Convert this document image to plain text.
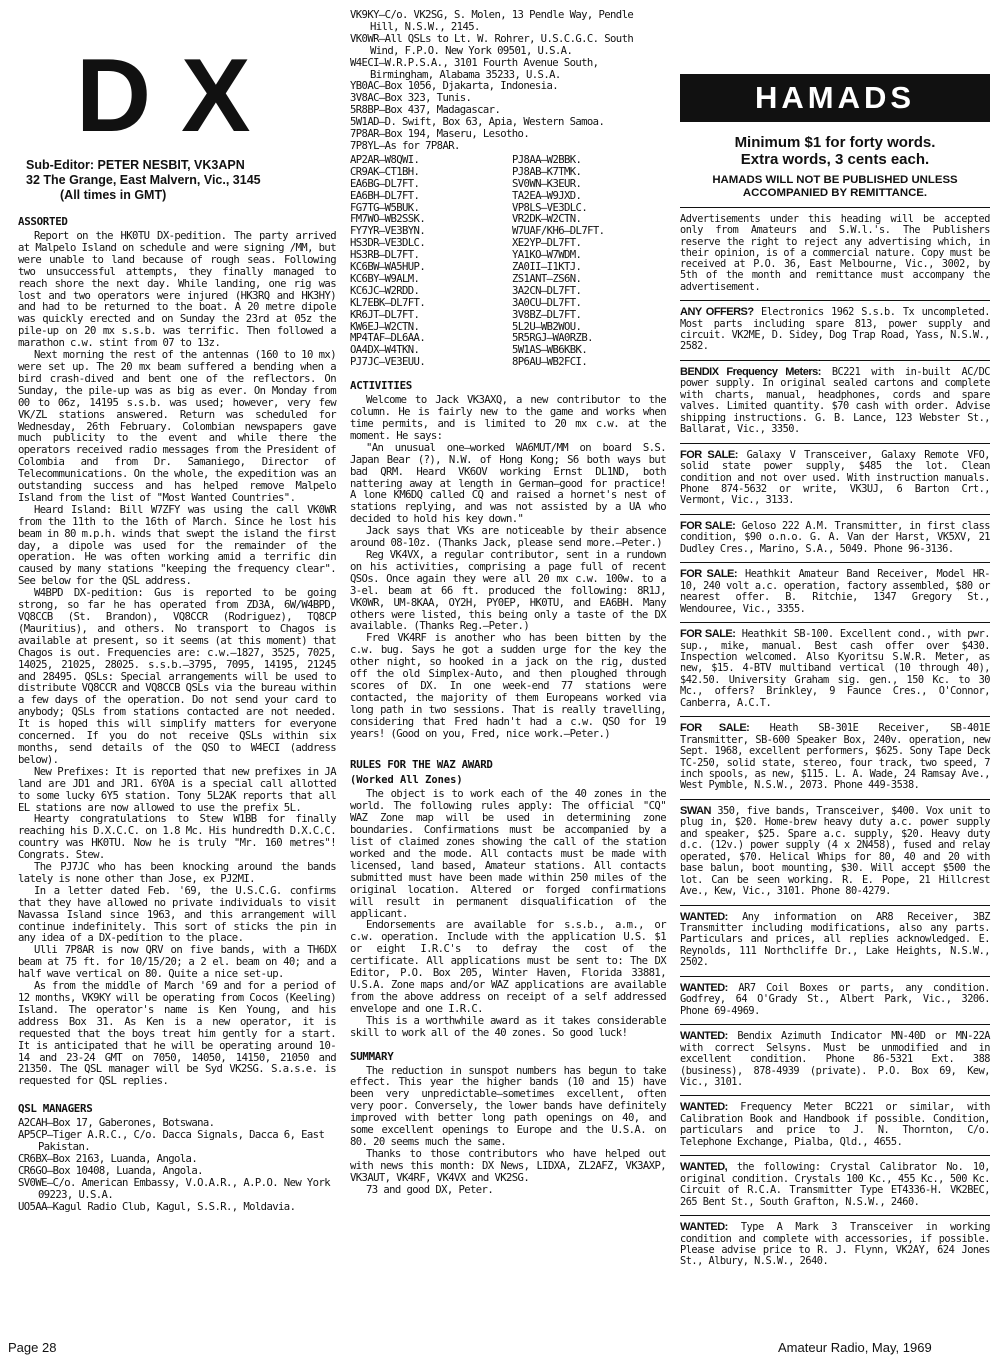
DX
Sub-Editor: PETER NESBIT, VK3APN
32 The Grange, East Malvern, Vic., 3145
(All times in GMT)
ASSORTED

Report on the HK0TU DX-pedition. The party arrived at Malpelo Island on schedule and were signing /MM, but were unable to land because of rough seas. Following two unsuccessful attempts, they finally managed to reach shore the next day. While landing, one rig was lost and two operators were injured (HK3RQ and HK3HY) and had to be returned to the boat. A 20 metre dipole was quickly erected and on Sunday the 23rd at 05z the pile-up on 20 mx s.s.b. was terrific. Then followed a marathon c.w. stint from 07 to 13z.

Next morning the rest of the antennas (160 to 10 mx) were set up. The 20 mx beam suffered a bending when a bird crash-dived and bent one of the reflectors. On Sunday, the pile-up was as big as ever. On Monday from 00 to 06z, 14195 s.s.b. was used; however, very few VK/ZL stations answered. Return was scheduled for Wednesday, 26th February. Colombian newspapers gave much publicity to the event and while there the operators received radio messages from the President of Colombia and from Dr. Samaniego, Director of Telecommunications. On the whole, the expedition was an outstanding success and has helped remove Malpelo Island from the list of "Most Wanted Countries".

Heard Island: Bill W7ZFY was using the call VK0WR from the 11th to the 16th of March. Since he lost his beam in 80 m.p.h. winds that swept the island the first day, a dipole was used for the remainder of the operation. He was often working amid a terrific din caused by many stations "keeping the frequency clear". See below for the QSL address.

W4BPD DX-pedition: Gus is reported to be going strong, so far he has operated from ZD3A, 6W/W4BPD, VQ8CCB (St. Brandon), VQ8CCR (Rodriguez), TQ8CP (Mauritius), and others. No transport to Chagos is available at present, so it seems (at this moment) that Chagos is out. Frequencies are: c.w.—1827, 3525, 7025, 14025, 21025, 28025. s.s.b.—3795, 7095, 14195, 21245 and 28495. QSLs: Special arrangements will be used to distribute VQ8CCR and VQ8CCB QSLs via the bureau within a few days of the operation. Do not send your card to anybody; QSLs from stations contacted are not needed. It is hoped this will simplify matters for everyone concerned. If you do not receive QSLs within six months, send details of the QSO to W4ECI (address below).

New Prefixes: It is reported that new prefixes in JA land are JD1 and JR1. 6Y0A is a special call allotted to some lucky 6Y5 station. Tony 5L2AK reports that all EL stations are now allowed to use the prefix 5L.

Hearty congratulations to Stew W1BB for finally reaching his D.X.C.C. on 1.8 Mc. His hundredth D.X.C.C. country was HK0TU. Now he is truly "Mr. 160 metres"! Congrats. Stew.

The PJ7JC who has been knocking around the bands lately is none other than Jose, ex PJ2MI.

In a letter dated Feb. '69, the U.S.C.G. confirms that they have allowed no private individuals to visit Navassa Island since 1963, and this arrangement will continue indefinitely. This sort of sticks the pin in any idea of a DX-pedition to the place.

Ulli 7P8AR is now QRV on five bands, with a TH6DX beam at 75 ft. for 10/15/20; a 2 el. beam on 40; and a half wave vertical on 80. Quite a nice set-up.

As from the middle of March '69 and for a period of 12 months, VK9KY will be operating from Cocos (Keeling) Island. The operator's name is Ken Young, and his address Box 31. As Ken is a new operator, it is requested that the boys treat him gently for a start. It is anticipated that he will be operating around 10-14 and 23-24 GMT on 7050, 14050, 14150, 21050 and 21350. The QSL manager will be Syd VK2SG. S.a.s.e. is requested for QSL replies.

QSL MANAGERS

A2CAH—Box 17, Gaberones, Botswana.

AP5CP—Tiger A.R.C., C/o. Dacca Signals, Dacca 6, East Pakistan.

CR6BX—Box 2163, Luanda, Angola.

CR6GO—Box 10408, Luanda, Angola.

SV0WE—C/o. American Embassy, V.O.A.R., A.P.O. New York 09223, U.S.A.

UO5AA—Kagul Radio Club, Kagul, S.S.R., Moldavia.

VK9KY—C/o. VK2SG, S. Molen, 13 Pendle Way, Pendle Hill, N.S.W., 2145.

VK0WR—All QSLs to Lt. W. Rohrer, U.S.C.G.C. South Wind, F.P.O. New York 09501, U.S.A.

W4ECI—W.R.P.S.A., 3101 Fourth Avenue South, Birmingham, Alabama 35233, U.S.A.

YB0AC—Box 1056, Djakarta, Indonesia.

3V8AC—Box 323, Tunis.

5R8BP—Box 437, Madagascar.

5W1AD—D. Swift, Box 63, Apia, Western Samoa.

7P8AR—Box 194, Maseru, Lesotho.

7P8YL—As for 7P8AR.

AP2AR—W8QWI.	PJ8AA—W2BBK.
CR9AK—CT1BH.	PJ8AB—K7TMK.
EA6BG—DL7FT.	SV0WN—K3EUR.
EA6BH—DL7FT.	TA2EA—W9JXD.
FG7TG—W5BUK.	VP8LS—VE3DLC.
FM7WO—WB2SSK.	VR2DK—W2CTN.
FY7YR—VE3BYN.	W7UAF/KH6—DL7FT.
HS3DR—VE3DLC.	XE2YP—DL7FT.
HS3RB—DL7FT.	YA1KO—W7WDM.
KC6BW—WA5HUP.	ZA0II—I1KTJ.
KC6BY—W9ALM.	ZS1ANT—ZS6N.
KC6JC—W2RDD.	3A2CN—DL7FT.
KL7EBK—DL7FT.	3A0CU—DL7FT.
KR6JT—DL7FT.	3V8BZ—DL7FT.
KW6EJ—W2CTN.	5L2U—WB2WOU.
MP4TAF—DL6AA.	5R5RGJ—WA0RZB.
OA4DX—W4TKN.	5W1AS—WB6KBK.
PJ7JC—VE3EUU.	8P6AU—WB2FCI.
ACTIVITIES

Welcome to Jack VK3AXQ, a new contributor to the column. He is fairly new to the game and works when time permits, and is limited to 20 mx c.w. at the moment. He says:

"An unusual one—worked WA6MUT/MM on board S.S. Japan Bear (?), N.W. of Hong Kong; S6 both ways but bad QRM. Heard VK6OV working Ernst DL1ND, both nattering away at length in German—good for practice! A lone KM6DQ called CQ and raised a hornet's nest of stations replying, and was not assisted by a UA who decided to hold his key down."

Jack says that VKs are noticeable by their absence around 08-10z. (Thanks Jack, please send more.—Peter.)

Reg VK4VX, a regular contributor, sent in a rundown on his activities, comprising a page full of recent QSOs. Once again they were all 20 mx c.w. 100w. to a 3-el. beam at 66 ft. produced the following: 8R1J, VK0WR, UM-8KAA, OY2H, PY0EP, HK0TU, and EA6BH. Many others were listed, this being only a taste of the DX available. (Thanks Reg.—Peter.)

Fred VK4RF is another who has been bitten by the c.w. bug. Says he got a sudden urge for the key the other night, so hooked in a jack on the rig, dusted off the old Simplex-Auto, and then ploughed through scores of DX. In one week-end 77 stations were contacted, the majority of them Europeans worked via long path in two sessions. That is really travelling, considering that Fred hadn't had a c.w. QSO for 19 years! (Good on you, Fred, nice work.—Peter.)

RULES FOR THE WAZ AWARD
(Worked All Zones)

The object is to work each of the 40 zones in the world. The following rules apply: The official "CQ" WAZ Zone map will be used in determining zone boundaries. Confirmations must be accompanied by a list of claimed zones showing the call of the station worked and the mode. All contacts must be made with licensed, land based, Amateur stations. All contacts submitted must have been made within 250 miles of the original location. Altered or forged confirmations will result in permanent disqualification of the applicant.

Endorsements are available for s.s.b., a.m., or c.w. operation. Include with the application U.S. $1 or eight I.R.C's to defray the cost of the certificate. All applications must be sent to: The DX Editor, P.O. Box 205, Winter Haven, Florida 33881, U.S.A. Zone maps and/or WAZ applications are available from the above address on receipt of a self addressed envelope and one I.R.C.

This is a worthwhile award as it takes considerable skill to work all of the 40 zones. So good luck!

SUMMARY

The reduction in sunspot numbers has begun to take effect. This year the higher bands (10 and 15) have been very unpredictable—sometimes excellent, often very poor. Conversely, the lower bands have definitely improved with better long path openings on 40, and some excellent openings to Europe and the U.S.A. on 80. 20 seems much the same.

Thanks to those contributors who have helped out with news this month: DX News, LIDXA, ZL2AFZ, VK3AXP, VK3AUT, VK4RF, VK4VX and VK2SG.

73 and good DX, Peter.

HAMADS
Minimum $1 for forty words.
Extra words, 3 cents each.
HAMADS WILL NOT BE PUBLISHED UNLESS
ACCOMPANIED BY REMITTANCE.
Advertisements under this heading will be accepted only from Amateurs and S.W.l.'s. The Publishers reserve the right to reject any advertising which, in their opinion, is of a commercial nature. Copy must be received at P.O. 36, East Melbourne, Vic., 3002, by 5th of the month and remittance must accompany the advertisement.
ANY OFFERS? Electronics 1962 S.s.b. Tx uncompleted. Most parts including spare 813, power supply and circuit. VK2ME, D. Sidey, Dog Trap Road, Yass, N.S.W., 2582.
BENDIX Frequency Meters: BC221 with in-built AC/DC power supply. In original sealed cartons and complete with charts, manual, headphones, cords and spare valves. Limited quantity. $70 cash with order. Advise shipping instructions. G. B. Lance, 123 Webster St., Ballarat, Vic., 3350.
FOR SALE: Galaxy V Transceiver, Galaxy Remote VFO, solid state power supply, $485 the lot. Clean condition and not over used. With instruction manuals. Phone 874-5632 or write, VK3UJ, 6 Barton Crt., Vermont, Vic., 3133.
FOR SALE: Geloso 222 A.M. Transmitter, in first class condition, $90 o.n.o. G. A. Van der Harst, VK5XV, 21 Dudley Cres., Marino, S.A., 5049. Phone 96-3136.
FOR SALE: Heathkit Amateur Band Receiver, Model HR-10, 240 volt a.c. operation, factory assembled, $80 or nearest offer. B. Ritchie, 1347 Gregory St., Wendouree, Vic., 3355.
FOR SALE: Heathkit SB-100. Excellent cond., with pwr. sup., mike, manual. Best cash offer over $430. Inspection welcomed. Also Kyoritsu S.W.R. Meter, as new, $15. 4-BTV multiband vertical (10 through 40), $42.50. University Graham sig. gen., 150 Kc. to 30 Mc., offers? Brinkley, 9 Faunce Cres., O'Connor, Canberra, A.C.T.
FOR SALE: Heath SB-301E Receiver, SB-401E Transmitter, SB-600 Speaker Box, 240v. operation, new Sept. 1968, excellent performers, $625. Sony Tape Deck TC-250, solid state, stereo, four track, two speed, 7 inch spools, as new, $115. L. A. Wade, 24 Ramsay Ave., West Pymble, N.S.W., 2073. Phone 449-3538.
SWAN 350, five bands, Transceiver, $400. Vox unit to plug in, $20. Home-brew heavy duty a.c. power supply and speaker, $25. Spare a.c. supply, $20. Heavy duty d.c. (12v.) power supply (4 x 2N458), fused and relay operated, $70. Helical Whips for 80, 40 and 20 with base balun, boot mounting, $30. Will accept $500 the lot. Can be seen working. R. E. Pope, 21 Hillcrest Ave., Kew, Vic., 3101. Phone 80-4279.
WANTED: Any information on AR8 Receiver, 3BZ Transmitter including modifications, also any parts. Particulars and prices, all replies acknowledged. E. Reynolds, 111 Northcliffe Dr., Lake Heights, N.S.W., 2502.
WANTED: AR7 Coil Boxes or parts, any condition. Godfrey, 64 O'Grady St., Albert Park, Vic., 3206. Phone 69-4969.
WANTED: Bendix Azimuth Indicator MN-40D or MN-22A with correct Selsyns. Must be unmodified and in excellent condition. Phone 86-5321 Ext. 388 (business), 878-4939 (private). P.O. Box 69, Kew, Vic., 3101.
WANTED: Frequency Meter BC221 or similar, with Calibration Book and Handbook if possible. Condition, particulars and price to J. N. Thornton, C/o. Telephone Exchange, Pialba, Qld., 4655.
WANTED, the following: Crystal Calibrator No. 10, original condition. Crystals 100 Kc., 455 Kc., 500 Kc. Circuit of R.C.A. Transmitter Type ET4336-H. VK2BEC, 265 Bent St., South Grafton, N.S.W., 2460.
WANTED: Type A Mark 3 Transceiver in working condition and complete with accessories, if possible. Please advise price to R. J. Flynn, VK2AY, 624 Jones St., Albury, N.S.W., 2640.
Page 28	Amateur Radio, May, 1969
